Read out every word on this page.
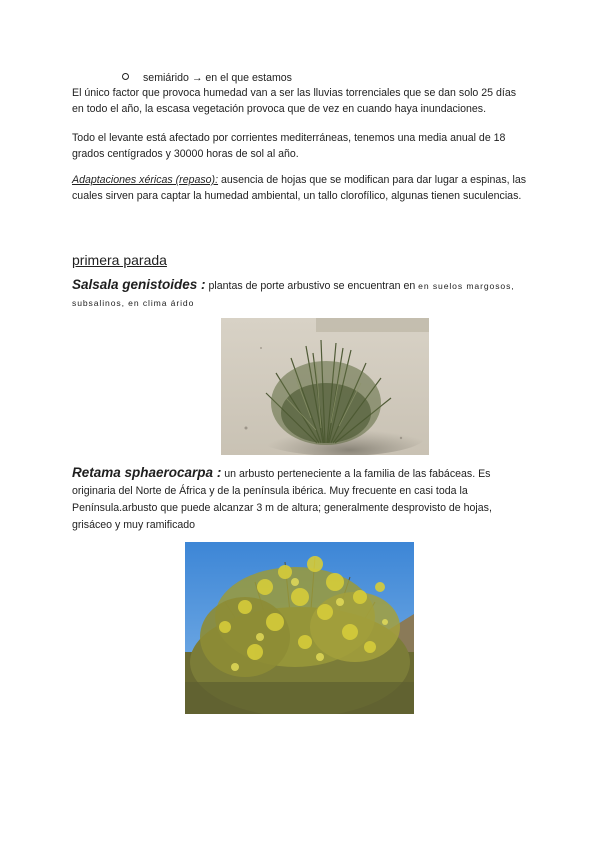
semiárido → en el que estamos
El único factor que provoca humedad van a ser las lluvias torrenciales que se dan solo 25 días en todo el año, la escasa vegetación provoca que de vez en cuando haya inundaciones.
Todo el levante está afectado por corrientes mediterráneas, tenemos una media anual de 18 grados centígrados y 30000 horas de sol al año.
Adaptaciones xéricas (repaso): ausencia de hojas que se modifican para dar lugar a espinas, las cuales sirven para captar la humedad ambiental, un tallo clorofílico, algunas tienen suculencias.
primera parada
Salsala genistoides : plantas de porte arbustivo se encuentran en en suelos margosos, subsalinos, en clima árido
Retama sphaerocarpa : un arbusto perteneciente a la familia de las fabáceas. Es originaria del Norte de África y de la península ibérica. Muy frecuente en casi toda la Península.arbusto que puede alcanzar 3 m de altura; generalmente desprovisto de hojas, grisáceo y muy ramificado
